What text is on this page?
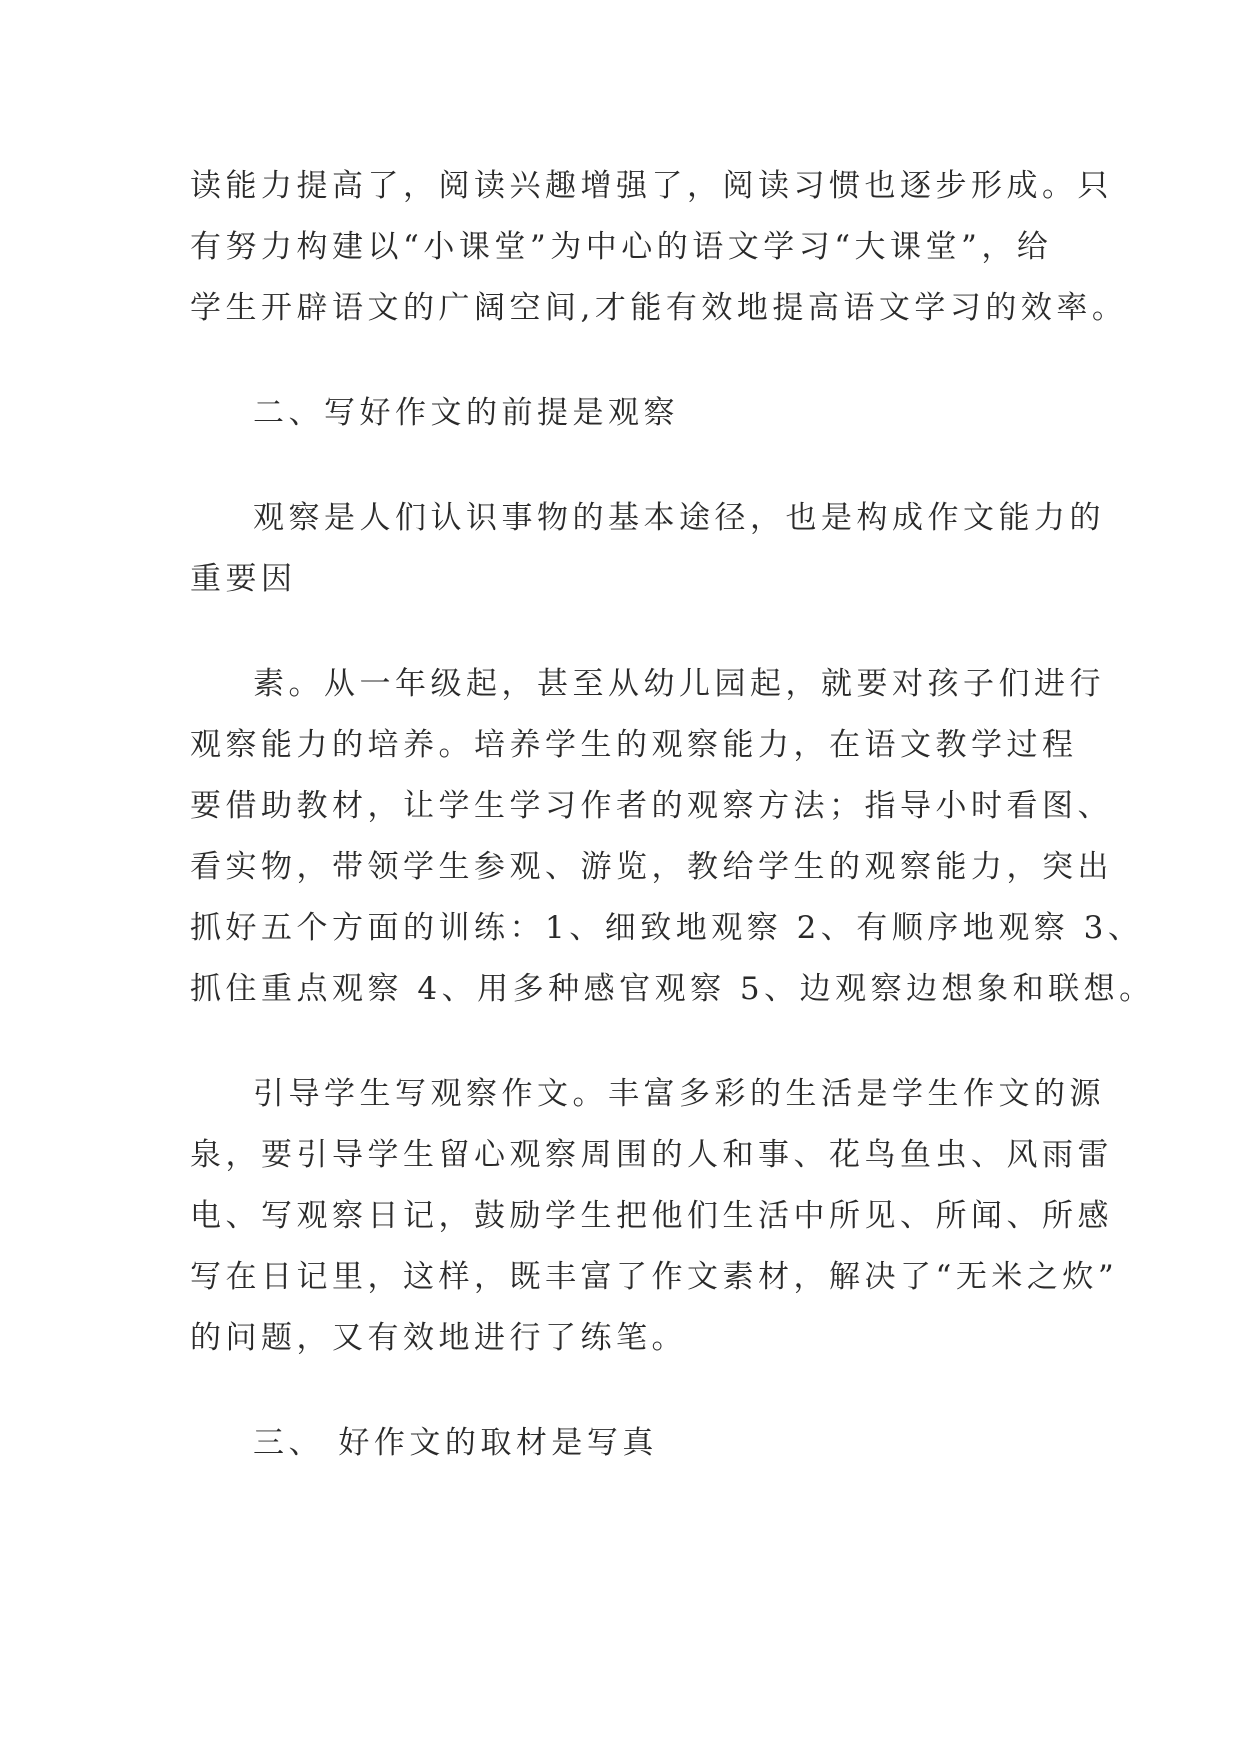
读能力提高了，阅读兴趣增强了，阅读习惯也逐步形成。只
有努力构建以“小课堂”为中心的语文学习“大课堂”，给
学生开辟语文的广阔空间,才能有效地提高语文学习的效率。
二、写好作文的前提是观察
观察是人们认识事物的基本途径，也是构成作文能力的
重要因
素。从一年级起，甚至从幼儿园起，就要对孩子们进行
观察能力的培养。培养学生的观察能力，在语文教学过程
要借助教材，让学生学习作者的观察方法；指导小时看图、
看实物，带领学生参观、游览，教给学生的观察能力，突出
抓好五个方面的训练：1、细致地观察 2、有顺序地观察 3、
抓住重点观察 4、用多种感官观察 5、边观察边想象和联想。
引导学生写观察作文。丰富多彩的生活是学生作文的源
泉，要引导学生留心观察周围的人和事、花鸟鱼虫、风雨雷
电、写观察日记，鼓励学生把他们生活中所见、所闻、所感
写在日记里，这样，既丰富了作文素材，解决了“无米之炊”
的问题，又有效地进行了练笔。
三、 好作文的取材是写真
